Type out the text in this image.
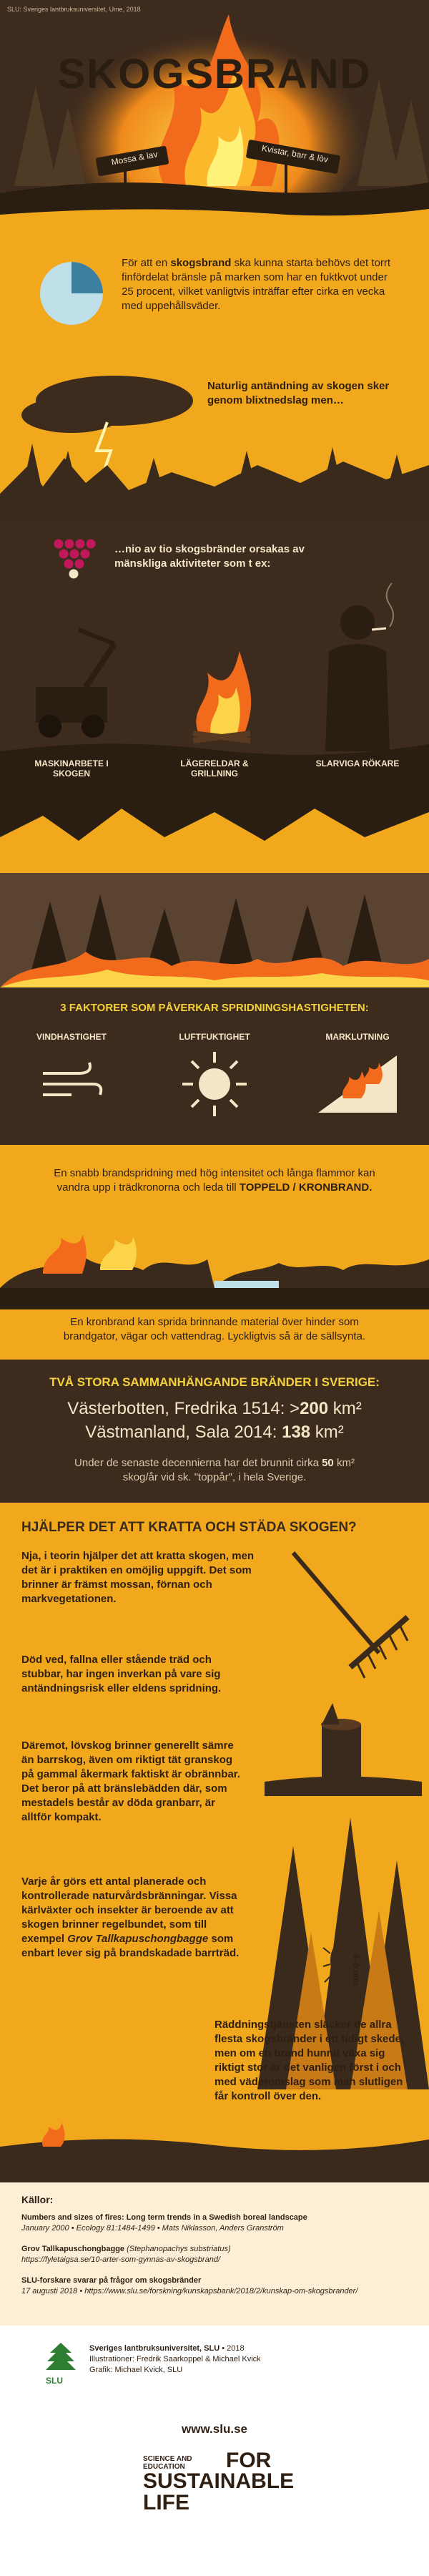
SLU: Sveriges lantbruksuniversitet, Ume, 2018
SKOGSBRAND
Mossa & lav	Kvistar, barr & löv
För att en skogsbrand ska kunna starta behövs det torrt finfördelat bränsle på marken som har en fuktkvot under 25 procent, vilket vanligtvis inträffar efter cirka en vecka med uppehållsväder.
Naturlig antändning av skogen sker genom blixtnedslag men…
…nio av tio skogsbränder orsakas av mänskliga aktiviteter som t ex:
MASKINARBETE I SKOGEN
LÄGERELDAR & GRILLNING
SLARVIGA RÖKARE
3 FAKTORER SOM PÅVERKAR SPRIDNINGSHASTIGHETEN:
VINDHASTIGHET	LUFTFUKTIGHET	MARKLUTNING
En snabb brandspridning med hög intensitet och långa flammor kan vandra upp i trädkronorna och leda till TOPPELD / KRONBRAND.
En kronbrand kan sprida brinnande material över hinder som brandgator, vägar och vattendrag. Lyckligtvis så är de sällsynta.
TVÅ STORA SAMMANHÄNGANDE BRÄNDER I SVERIGE:
Västerbotten, Fredrika 1514: >200 km²
Västmanland, Sala 2014: 138 km²
Under de senaste decennierna har det brunnit cirka 50 km² skog/år vid sk. "toppår", i hela Sverige.
HJÄLPER DET ATT KRATTA OCH STÄDA SKOGEN?
Nja, i teorin hjälper det att kratta skogen, men det är i praktiken en omöjlig uppgift. Det som brinner är främst mossan, förnan och markvegetationen.
Död ved, fallna eller stående träd och stubbar, har ingen inverkan på vare sig antändningsrisk eller eldens spridning.
Däremot, lövskog brinner generellt sämre än barrskog, även om riktigt tät granskog på gammal åkermark faktiskt är obrännbar. Det beror på att bränslebädden där, som mestadels består av döda granbarr, är alltför kompakt.
Varje år görs ett antal planerade och kontrollerade naturvårdsbränningar. Vissa kärlväxter och insekter är beroende av att skogen brinner regelbundet, som till exempel Grov Tallkapuschongbagge som enbart lever sig på brandskadade barrträd.
4–6 mm
Räddningstjänsten släcker de allra flesta skogsbränder i ett tidigt skede, men om en brand hunnit växa sig riktigt stor är det vanligen först i och med väderomslag som man slutligen får kontroll över den.
Källor:
Numbers and sizes of fires: Long term trends in a Swedish boreal landscape
January 2000 • Ecology 81:1484-1499 • Mats Niklasson, Anders Granström
Grov Tallkapuschongbagge (Stephanopachys substriatus)
https://fyletaigsa.se/10-arter-som-gynnas-av-skogsbrand/
SLU-forskare svarar på frågor om skogsbränder
17 augusti 2018 • https://www.slu.se/forskning/kunskapsbank/2018/2/kunskap-om-skogsbrander/
SLU
Sveriges lantbruksuniversitet, SLU • 2018
Illustrationer: Fredrik Saarkoppel & Michael Kvick
Grafik: Michael Kvick, SLU
www.slu.se
SCIENCE AND EDUCATION	FOR
SUSTAINABLE LIFE
